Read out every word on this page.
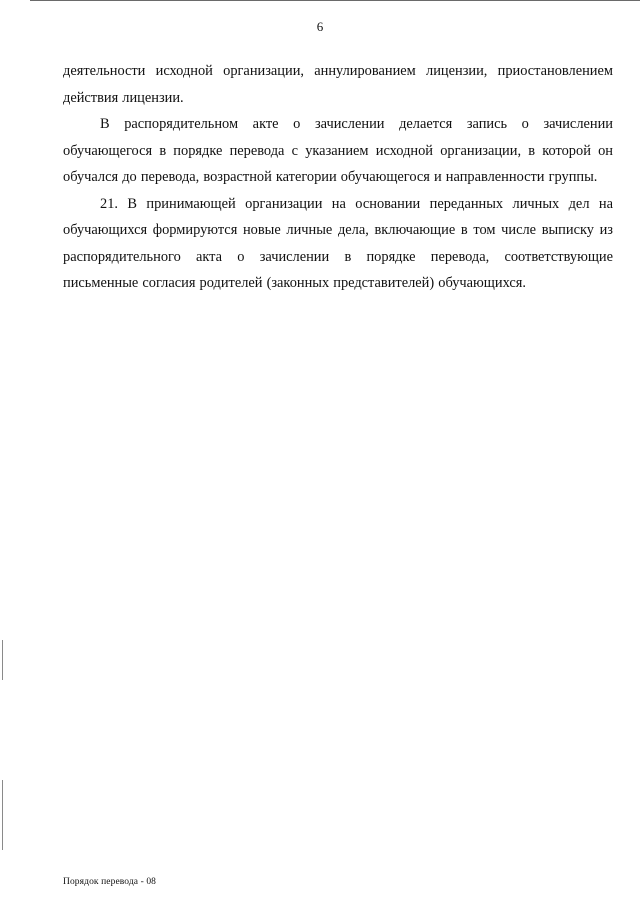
6

деятельности исходной организации, аннулированием лицензии, приостановлением действия лицензии.

В распорядительном акте о зачислении делается запись о зачислении обучающегося в порядке перевода с указанием исходной организации, в которой он обучался до перевода, возрастной категории обучающегося и направленности группы.

21. В принимающей организации на основании переданных личных дел на обучающихся формируются новые личные дела, включающие в том числе выписку из распорядительного акта о зачислении в порядке перевода, соответствующие письменные согласия родителей (законных представителей) обучающихся.

Порядок перевода - 08
